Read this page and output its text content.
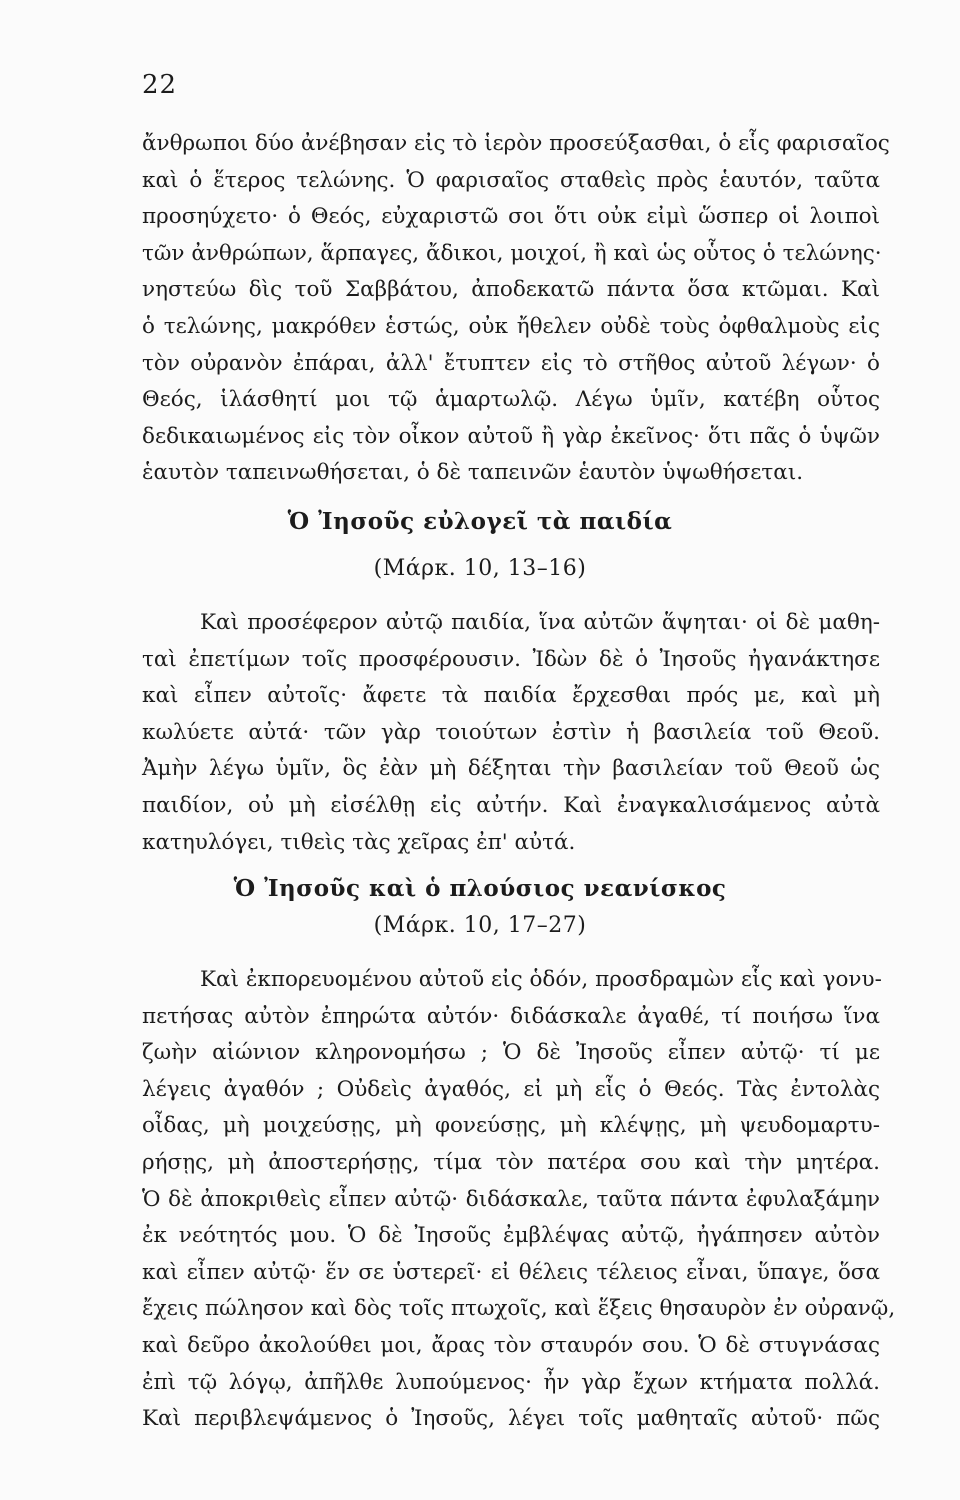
22
ἄνθρωποι δύο ἀνέβησαν εἰς τὸ ἱερὸν προσεύξασθαι, ὁ εἷς φαρισαῖος
καὶ ὁ ἕτερος τελώνης. Ὁ φαρισαῖος σταθεὶς πρὸς ἑαυτόν, ταῦτα
προσηύχετο· ὁ Θεός, εὐχαριστῶ σοι ὅτι οὐκ εἰμὶ ὥσπερ οἱ λοιποὶ
τῶν ἀνθρώπων, ἅρπαγες, ἄδικοι, μοιχοί, ἢ καὶ ὡς οὗτος ὁ τελώνης·
νηστεύω δὶς τοῦ Σαββάτου, ἀποδεκατῶ πάντα ὅσα κτῶμαι. Καὶ
ὁ τελώνης, μακρόθεν ἑστώς, οὐκ ἤθελεν οὐδὲ τοὺς ὀφθαλμοὺς εἰς
τὸν οὐρανὸν ἐπάραι, ἀλλ' ἔτυπτεν εἰς τὸ στῆθος αὐτοῦ λέγων· ὁ
Θεός, ἱλάσθητί μοι τῷ ἁμαρτωλῷ. Λέγω ὑμῖν, κατέβη οὗτος
δεδικαιωμένος εἰς τὸν οἶκον αὐτοῦ ἢ γὰρ ἐκεῖνος· ὅτι πᾶς ὁ ὑψῶν
ἑαυτὸν ταπεινωθήσεται, ὁ δὲ ταπεινῶν ἑαυτὸν ὑψωθήσεται.
Ὁ Ἰησοῦς εὐλογεῖ τὰ παιδία
(Μάρκ. 10, 13–16)
Καὶ προσέφερον αὐτῷ παιδία, ἵνα αὐτῶν ἅψηται· οἱ δὲ μαθη-
ταὶ ἐπετίμων τοῖς προσφέρουσιν. Ἰδὼν δὲ ὁ Ἰησοῦς ἠγανάκτησε
καὶ εἶπεν αὐτοῖς· ἄφετε τὰ παιδία ἔρχεσθαι πρός με, καὶ μὴ
κωλύετε αὐτά· τῶν γὰρ τοιούτων ἐστὶν ἡ βασιλεία τοῦ Θεοῦ.
Ἀμὴν λέγω ὑμῖν, ὃς ἐὰν μὴ δέξηται τὴν βασιλείαν τοῦ Θεοῦ ὡς
παιδίον, οὐ μὴ εἰσέλθῃ εἰς αὐτήν. Καὶ ἐναγκαλισάμενος αὐτὰ
κατηυλόγει, τιθεὶς τὰς χεῖρας ἐπ' αὐτά.
Ὁ Ἰησοῦς καὶ ὁ πλούσιος νεανίσκος
(Μάρκ. 10, 17–27)
Καὶ ἐκπορευομένου αὐτοῦ εἰς ὁδόν, προσδραμὼν εἷς καὶ γονυ-
πετήσας αὐτὸν ἐπηρώτα αὐτόν· διδάσκαλε ἀγαθέ, τί ποιήσω ἵνα
ζωὴν αἰώνιον κληρονομήσω ; Ὁ δὲ Ἰησοῦς εἶπεν αὐτῷ· τί με
λέγεις ἀγαθόν ; Οὐδεὶς ἀγαθός, εἰ μὴ εἷς ὁ Θεός. Τὰς ἐντολὰς
οἶδας, μὴ μοιχεύσῃς, μὴ φονεύσῃς, μὴ κλέψῃς, μὴ ψευδομαρτυ-
ρήσῃς, μὴ ἀποστερήσῃς, τίμα τὸν πατέρα σου καὶ τὴν μητέρα.
Ὁ δὲ ἀποκριθεὶς εἶπεν αὐτῷ· διδάσκαλε, ταῦτα πάντα ἐφυλαξάμην
ἐκ νεότητός μου. Ὁ δὲ Ἰησοῦς ἐμβλέψας αὐτῷ, ἠγάπησεν αὐτὸν
καὶ εἶπεν αὐτῷ· ἕν σε ὑστερεῖ· εἰ θέλεις τέλειος εἶναι, ὕπαγε, ὅσα
ἔχεις πώλησον καὶ δὸς τοῖς πτωχοῖς, καὶ ἕξεις θησαυρὸν ἐν οὐρανῷ,
καὶ δεῦρο ἀκολούθει μοι, ἄρας τὸν σταυρόν σου. Ὁ δὲ στυγνάσας
ἐπὶ τῷ λόγῳ, ἀπῆλθε λυπούμενος· ἦν γὰρ ἔχων κτήματα πολλά.
Καὶ περιβλεψάμενος ὁ Ἰησοῦς, λέγει τοῖς μαθηταῖς αὐτοῦ· πῶς
